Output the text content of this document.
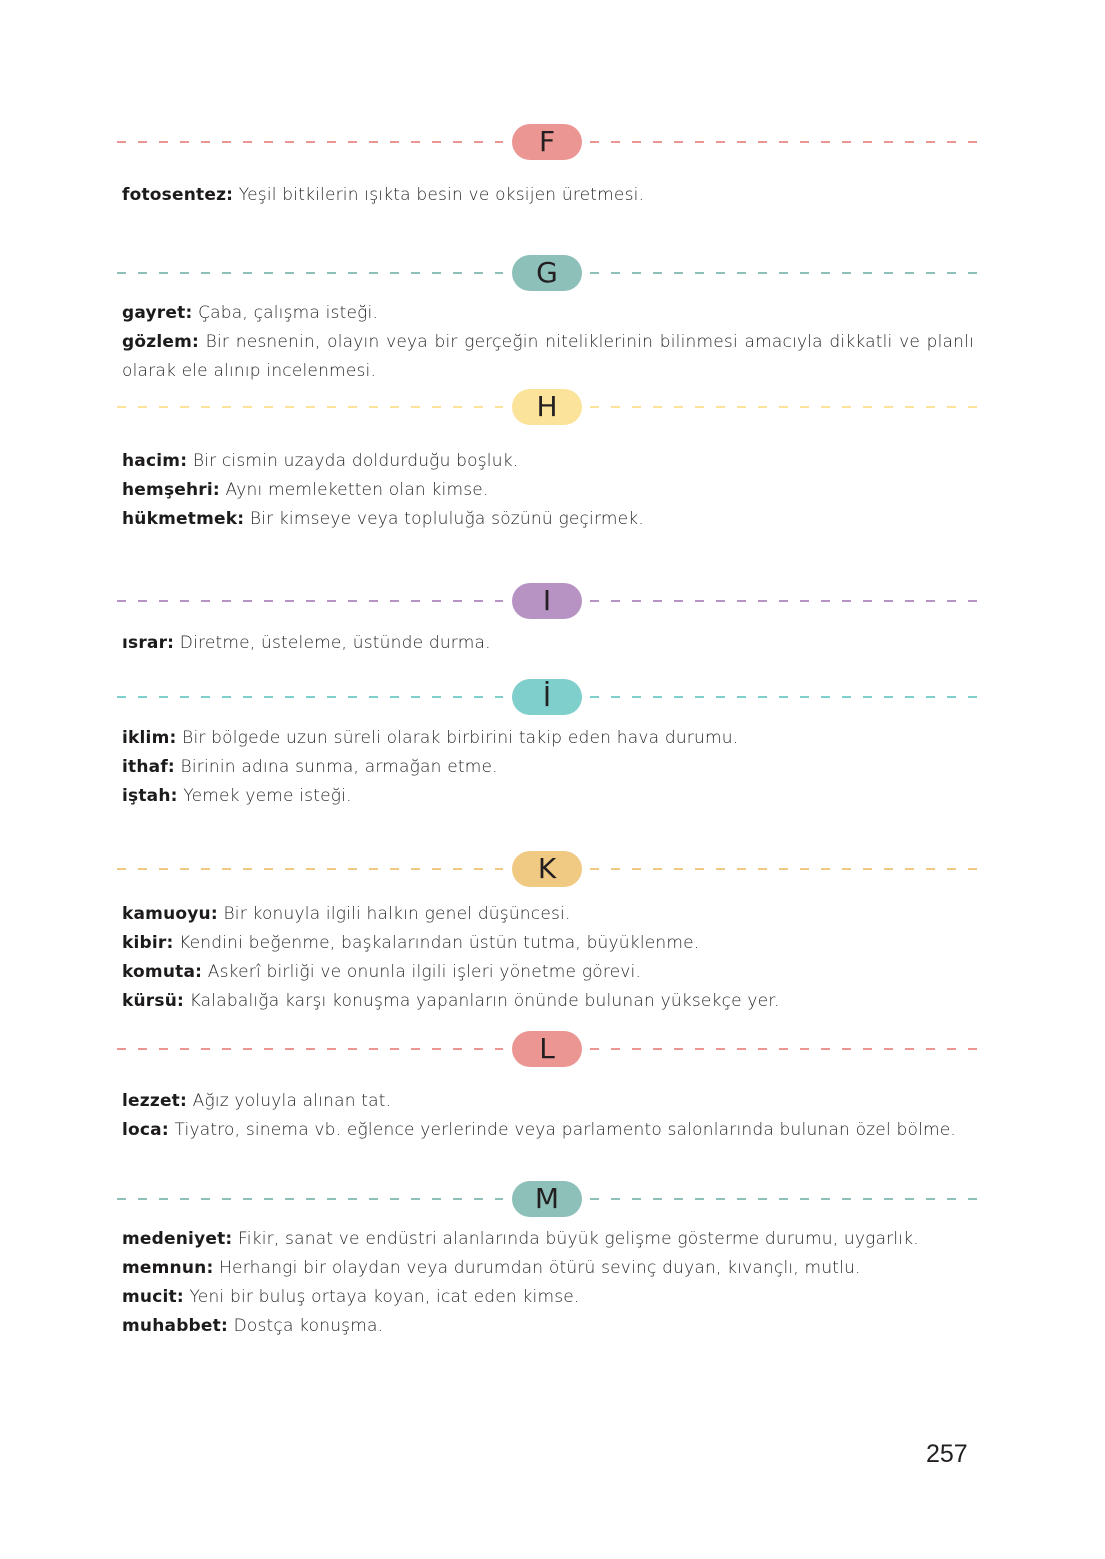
F

fotosentez: Yeşil bitkilerin ışıkta besin ve oksijen üretmesi.

G

gayret: Çaba, çalışma isteği.

gözlem: Bir nesnenin, olayın veya bir gerçeğin niteliklerinin bilinmesi amacıyla dikkatli ve planlı olarak ele alınıp incelenmesi.

H

hacim: Bir cismin uzayda doldurduğu boşluk.

hemşehri: Aynı memleketten olan kimse.

hükmetmek: Bir kimseye veya topluluğa sözünü geçirmek.

I

ısrar: Diretme, üsteleme, üstünde durma.

İ

iklim: Bir bölgede uzun süreli olarak birbirini takip eden hava durumu.

ithaf: Birinin adına sunma, armağan etme.

iştah: Yemek yeme isteği.

K

kamuoyu: Bir konuyla ilgili halkın genel düşüncesi.

kibir: Kendini beğenme, başkalarından üstün tutma, büyüklenme.

komuta: Askerî birliği ve onunla ilgili işleri yönetme görevi.

kürsü: Kalabalığa karşı konuşma yapanların önünde bulunan yüksekçe yer.

L

lezzet: Ağız yoluyla alınan tat.

loca: Tiyatro, sinema vb. eğlence yerlerinde veya parlamento salonlarında bulunan özel bölme.

M

medeniyet: Fikir, sanat ve endüstri alanlarında büyük gelişme gösterme durumu, uygarlık.

memnun: Herhangi bir olaydan veya durumdan ötürü sevinç duyan, kıvançlı, mutlu.

mucit: Yeni bir buluş ortaya koyan, icat eden kimse.

muhabbet: Dostça konuşma.

257
